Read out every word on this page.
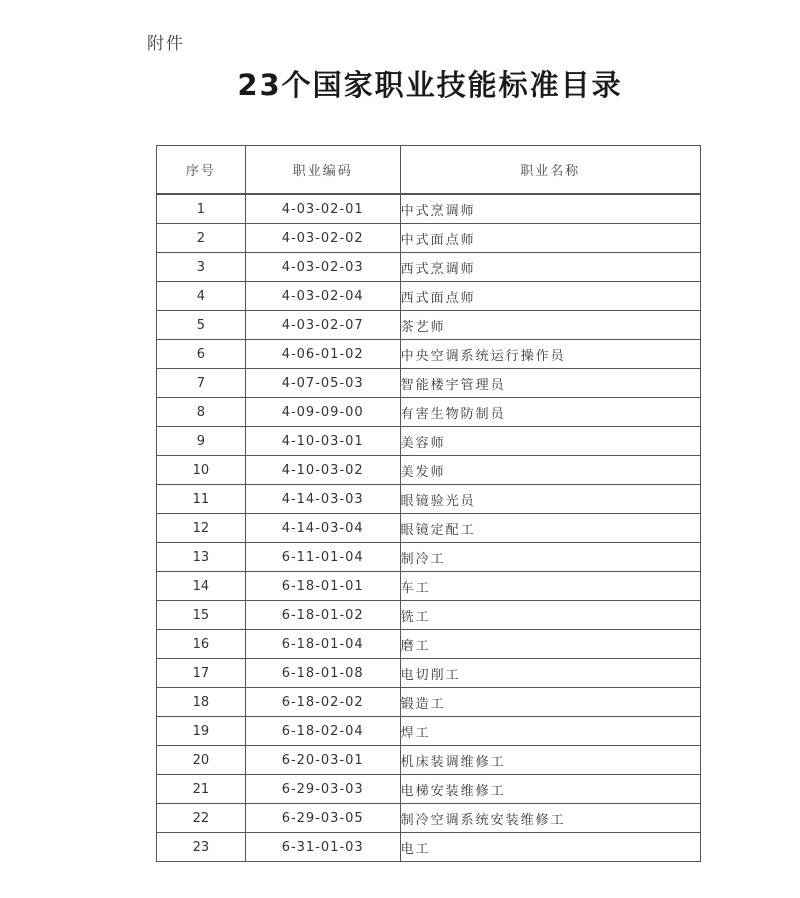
附件
23个国家职业技能标准目录
序号	职业编码	职业名称
1	4-03-02-01	中式烹调师
2	4-03-02-02	中式面点师
3	4-03-02-03	西式烹调师
4	4-03-02-04	西式面点师
5	4-03-02-07	茶艺师
6	4-06-01-02	中央空调系统运行操作员
7	4-07-05-03	智能楼宇管理员
8	4-09-09-00	有害生物防制员
9	4-10-03-01	美容师
10	4-10-03-02	美发师
11	4-14-03-03	眼镜验光员
12	4-14-03-04	眼镜定配工
13	6-11-01-04	制冷工
14	6-18-01-01	车工
15	6-18-01-02	铣工
16	6-18-01-04	磨工
17	6-18-01-08	电切削工
18	6-18-02-02	锻造工
19	6-18-02-04	焊工
20	6-20-03-01	机床装调维修工
21	6-29-03-03	电梯安装维修工
22	6-29-03-05	制冷空调系统安装维修工
23	6-31-01-03	电工
